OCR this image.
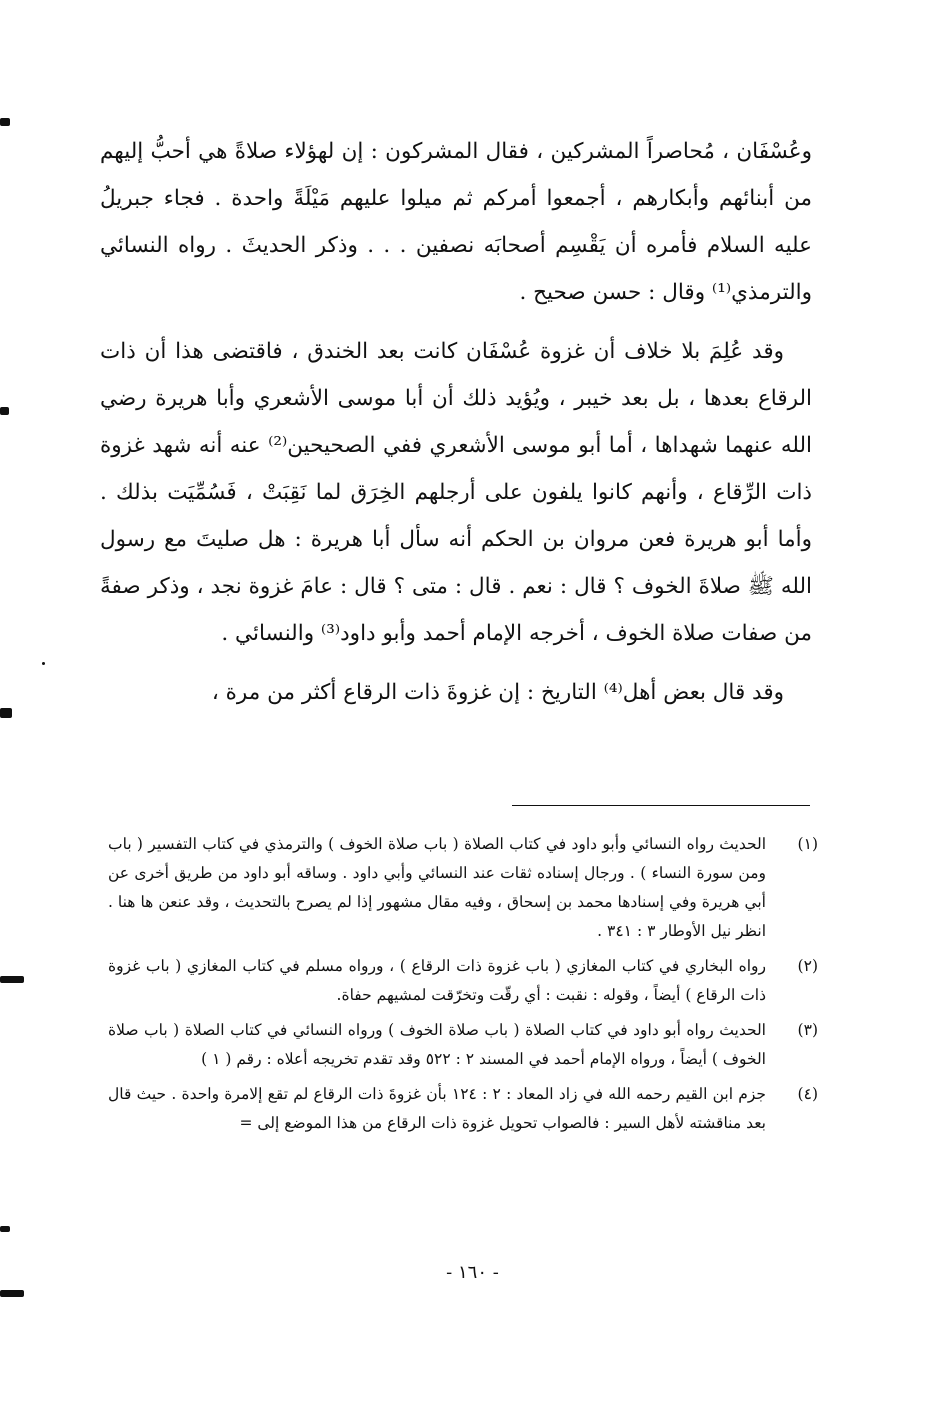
وعُسْفَان ، مُحاصراً المشركين ، فقال المشركون : إن لهؤلاء صلاةً هي أحبُّ إليهم من أبنائهم وأبكارهم ، أجمعوا أمركم ثم ميلوا عليهم مَيْلَةً واحدة . فجاء جبريلُ عليه السلام فأمره أن يَقْسِم أصحابَه نصفين . . . وذكر الحديثَ . رواه النسائي والترمذي⁽¹⁾ وقال : حسن صحيح .

وقد عُلِمَ بلا خلاف أن غزوة عُسْفَان كانت بعد الخندق ، فاقتضى هذا أن ذات الرقاع بعدها ، بل بعد خيبر ، ويُؤيد ذلك أن أبا موسى الأشعري وأبا هريرة رضي الله عنهما شهداها ، أما أبو موسى الأشعري ففي الصحيحين⁽²⁾ عنه أنه شهد غزوة ذات الرِّقاع ، وأنهم كانوا يلفون على أرجلهم الخِرَق لما نَقِبَتْ ، فَسُمِّيَت بذلك . وأما أبو هريرة فعن مروان بن الحكم أنه سأل أبا هريرة : هل صليتَ مع رسول الله ﷺ صلاةَ الخوف ؟ قال : نعم . قال : متى ؟ قال : عامَ غزوة نجد ، وذكر صفةً من صفات صلاة الخوف ، أخرجه الإمام أحمد وأبو داود⁽³⁾ والنسائي .

وقد قال بعض أهل⁽⁴⁾ التاريخ : إن غزوةَ ذات الرقاع أكثر من مرة ،

(١)
الحديث رواه النسائي وأبو داود في كتاب الصلاة ( باب صلاة الخوف ) والترمذي في كتاب التفسير ( باب ومن سورة النساء ) . ورجال إسناده ثقات عند النسائي وأبي داود . وساقه أبو داود من طريق أخرى عن أبي هريرة وفي إسنادها محمد بن إسحاق ، وفيه مقال مشهور إذا لم يصرح بالتحديث ، وقد عنعن ها هنا . انظر نيل الأوطار ٣ : ٣٤١ .
(٢)
رواه البخاري في كتاب المغازي ( باب غزوة ذات الرقاع ) ، ورواه مسلم في كتاب المغازي ( باب غزوة ذات الرقاع ) أيضاً ، وقوله : نقبت : أي رقّت وتخرّقت لمشيهم حفاة.
(٣)
الحديث رواه أبو داود في كتاب الصلاة ( باب صلاة الخوف ) ورواه النسائي في كتاب الصلاة ( باب صلاة الخوف ) أيضاً ، ورواه الإمام أحمد في المسند ٢ : ٥٢٢ وقد تقدم تخريجه أعلاه : رقم ( ١ )
(٤)
جزم ابن القيم رحمه الله في زاد المعاد : ٢ : ١٢٤ بأن غزوةَ ذات الرقاع لم تقع إلامرة واحدة . حيث قال بعد مناقشته لأهل السير : فالصواب تحويل غزوة ذات الرقاع من هذا الموضع إلى =
- ١٦٠ -
